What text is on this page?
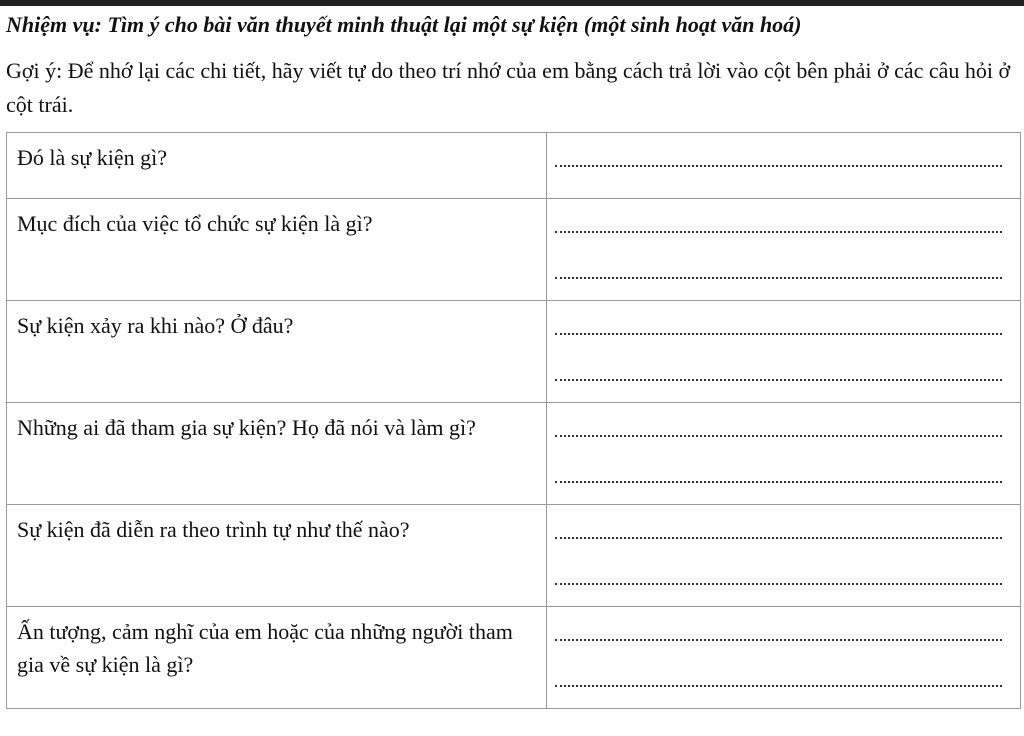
Nhiệm vụ: Tìm ý cho bài văn thuyết minh thuật lại một sự kiện (một sinh hoạt văn hoá)

Gợi ý: Để nhớ lại các chi tiết, hãy viết tự do theo trí nhớ của em bằng cách trả lời vào cột bên phải ở các câu hỏi ở cột trái.

Đó là sự kiện gì?	

Mục đích của việc tổ chức sự kiện là gì?	

Sự kiện xảy ra khi nào? Ở đâu?	

Những ai đã tham gia sự kiện? Họ đã nói và làm gì?	

Sự kiện đã diễn ra theo trình tự như thế nào?	

Ấn tượng, cảm nghĩ của em hoặc của những người tham gia về sự kiện là gì?	
